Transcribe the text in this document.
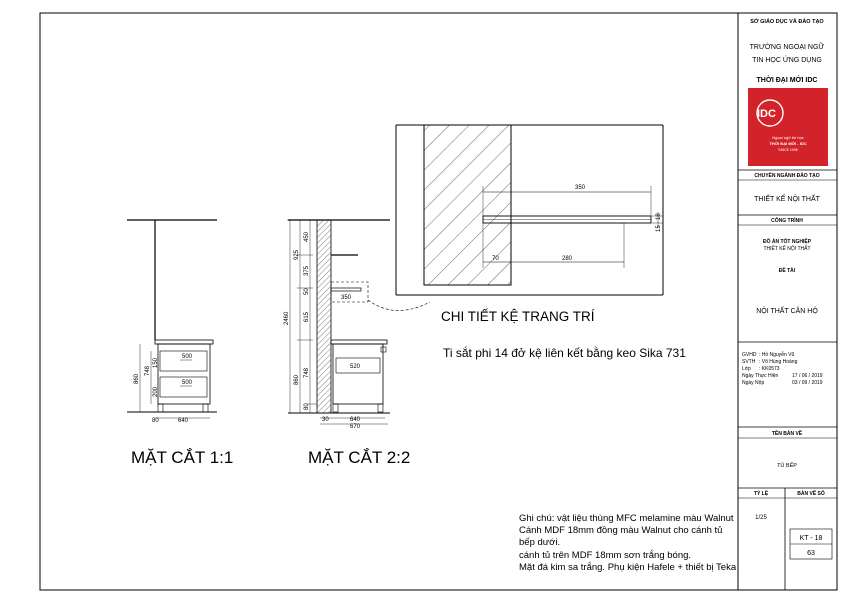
860
748
200
150
500
500
640
80
2460
925
450
375
50
615
860
748
80
350
520
640
670
30
350
70	280
18
15
MẶT CẮT 1:1	MẶT CẮT 2:2
CHI TIẾT KỆ TRANG TRÍ
Ti sắt phi 14 đở kệ liên kết bằng keo Sika 731
IDC
Ngoại ngữ tin học
THỜI ĐẠI MỚI - IDC
SINCE 1996
SỞ GIÁO DỤC VÀ ĐÀO TẠO
TRƯỜNG NGOẠI NGỮ
TIN HỌC ỨNG DỤNG
THỜI ĐẠI MỚI IDC
CHUYÊN NGÀNH ĐÀO TẠO
THIẾT KẾ NỘI THẤT
CÔNG TRÌNH
ĐỒ ÁN TỐT NGHIỆP
THIẾT KẾ NỘI THẤT
ĐỀ TÀI
NỘI THẤT CĂN HỘ
GVHD : Hồ Nguyễn Vũ
SVTH : Võ Hùng Hoàng
Lớp : KK0573
Ngày Thực Hiện	17 / 06 / 2019
Ngày Nộp	03 / 09 / 2019
TÊN BẢN VẼ
TỦ BẾP
TỶ LỆ
1/25
BẢN VẼ SỐ
KT - 18
63
Ghi chú: vật liệu thùng MFC melamine màu Walnut
Cánh MDF 18mm đồng màu Walnut cho cánh tủ bếp dưới.
cánh tủ trên MDF 18mm sơn trắng bóng.
Mặt đá kim sa trắng. Phụ kiện Hafele + thiết bị Teka
